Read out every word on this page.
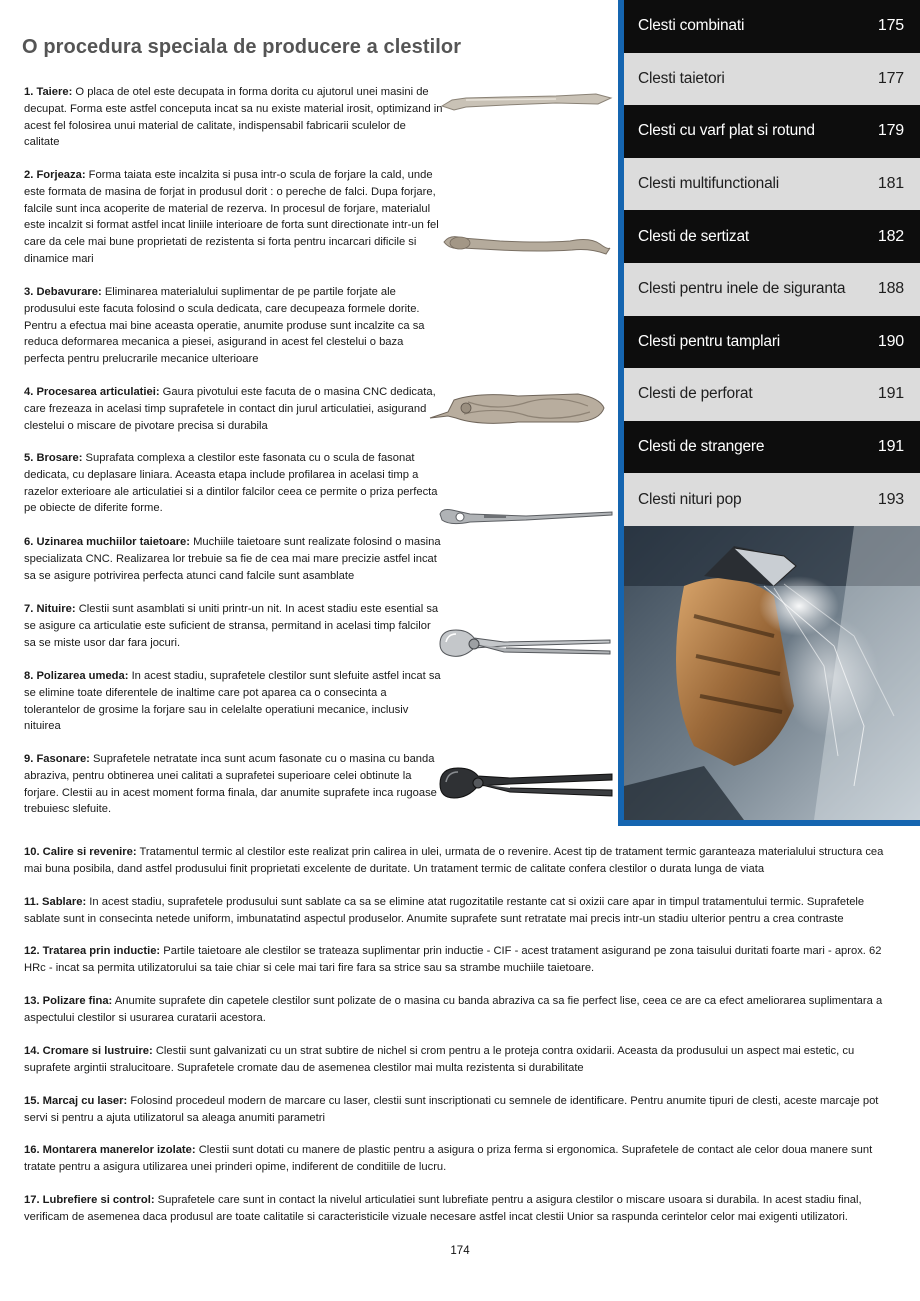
O procedura speciala de producere a clestilor

1. Taiere: O placa de otel este decupata in forma dorita cu ajutorul unei masini de decupat. Forma este astfel conceputa incat sa nu existe material irosit, optimizand in acest fel folosirea unui material de calitate, indispensabil fabricarii sculelor de calitate

2. Forjeaza: Forma taiata este incalzita si pusa intr-o scula de forjare la cald, unde este formata de masina de forjat in produsul dorit : o pereche de falci. Dupa forjare, falcile sunt inca acoperite de material de rezerva. In procesul de forjare, materialul este incalzit si format astfel incat liniile interioare de forta sunt directionate intr-un fel care da cele mai bune proprietati de rezistenta si forta pentru incarcari dificile si dinamice mari

3. Debavurare: Eliminarea materialului suplimentar de pe partile forjate ale produsului este facuta folosind o scula dedicata, care decupeaza formele dorite. Pentru a efectua mai bine aceasta operatie, anumite produse sunt incalzite ca sa reduca deformarea mecanica a piesei, asigurand in acest fel clestelui o baza perfecta pentru prelucrarile mecanice ulterioare

4. Procesarea articulatiei: Gaura pivotului este facuta de o masina CNC dedicata, care frezeaza in acelasi timp suprafetele in contact din jurul articulatiei, asigurand clestelui o miscare de pivotare precisa si durabila

5. Brosare: Suprafata complexa a clestilor este fasonata cu o scula de fasonat dedicata, cu deplasare liniara. Aceasta etapa include profilarea in acelasi timp a razelor exterioare ale articulatiei si a dintilor falcilor ceea ce permite o priza perfecta pe obiecte de diferite forme.

6. Uzinarea muchiilor taietoare: Muchiile taietoare sunt realizate folosind o masina specializata CNC. Realizarea lor trebuie sa fie de cea mai mare precizie astfel incat sa se asigure potrivirea perfecta atunci cand falcile sunt asamblate

7. Nituire: Clestii sunt asamblati si uniti printr-un nit. In acest stadiu este esential sa se asigure ca articulatie este suficient de stransa, permitand in acelasi timp falcilor sa se miste usor dar fara jocuri.

8. Polizarea umeda: In acest stadiu, suprafetele clestilor sunt slefuite astfel incat sa se elimine toate diferentele de inaltime care pot aparea ca o consecinta a tolerantelor de grosime la forjare sau in celelalte operatiuni mecanice, inclusiv nituirea

9. Fasonare: Suprafetele netratate inca sunt acum fasonate cu o masina cu banda abraziva, pentru obtinerea unei calitati a suprafetei superioare celei obtinute la forjare. Clestii au in acest moment forma finala, dar anumite suprafete inca rugoase trebuiesc slefuite.

10. Calire si revenire: Tratamentul termic al clestilor este realizat prin calirea in ulei, urmata de o revenire. Acest tip de tratament termic garanteaza materialului structura cea mai buna posibila, dand astfel produsului finit proprietati excelente de duritate. Un tratament termic de calitate confera clestilor o durata lunga de viata

11. Sablare: In acest stadiu, suprafetele produsului sunt sablate ca sa se elimine atat rugozitatile restante cat si oxizii care apar in timpul tratamentului termic. Suprafetele sablate sunt in consecinta netede uniform, imbunatatind aspectul produselor. Anumite suprafete sunt retratate mai precis intr-un stadiu ulterior pentru a crea contraste

12. Tratarea prin inductie: Partile taietoare ale clestilor se trateaza suplimentar prin inductie - CIF - acest tratament asigurand pe zona taisului duritati foarte mari - aprox. 62 HRc - incat sa permita utilizatorului sa taie chiar si cele mai tari fire fara sa strice sau sa strambe muchiile taietoare.

13. Polizare fina: Anumite suprafete din capetele clestilor sunt polizate de o masina cu banda abraziva ca sa fie perfect lise, ceea ce are ca efect ameliorarea suplimentara a aspectului clestilor si usurarea curatarii acestora.

14. Cromare si lustruire: Clestii sunt galvanizati cu un strat subtire de nichel si crom pentru a le proteja contra oxidarii. Aceasta da produsului un aspect mai estetic, cu suprafete argintii stralucitoare. Suprafetele cromate dau de asemenea clestilor mai multa rezistenta si durabilitate

15. Marcaj cu laser: Folosind procedeul modern de marcare cu laser, clestii sunt inscriptionati cu semnele de identificare. Pentru anumite tipuri de clesti, aceste marcaje pot servi si pentru a ajuta utilizatorul sa aleaga anumiti parametri

16. Montarera manerelor izolate: Clestii sunt dotati cu manere de plastic pentru a asigura o priza ferma si ergonomica. Suprafetele de contact ale celor doua manere sunt tratate pentru a asigura utilizarea unei prinderi opime, indiferent de conditiile de lucru.

17. Lubrefiere si control: Suprafetele care sunt in contact la nivelul articulatiei sunt lubrefiate pentru a asigura clestilor o miscare usoara si durabila. In acest stadiu final, verificam de asemenea daca produsul are toate calitatile si caracteristicile vizuale necesare astfel incat clestii Unior sa raspunda cerintelor celor mai exigenti utilizatori.

Clesti combinati	175
Clesti taietori	177
Clesti cu varf plat si rotund	179
Clesti multifunctionali	181
Clesti de sertizat	182
Clesti pentru inele de siguranta 188
Clesti pentru tamplari	190
Clesti de perforat	191
Clesti de strangere	191
Clesti nituri pop	193
174
